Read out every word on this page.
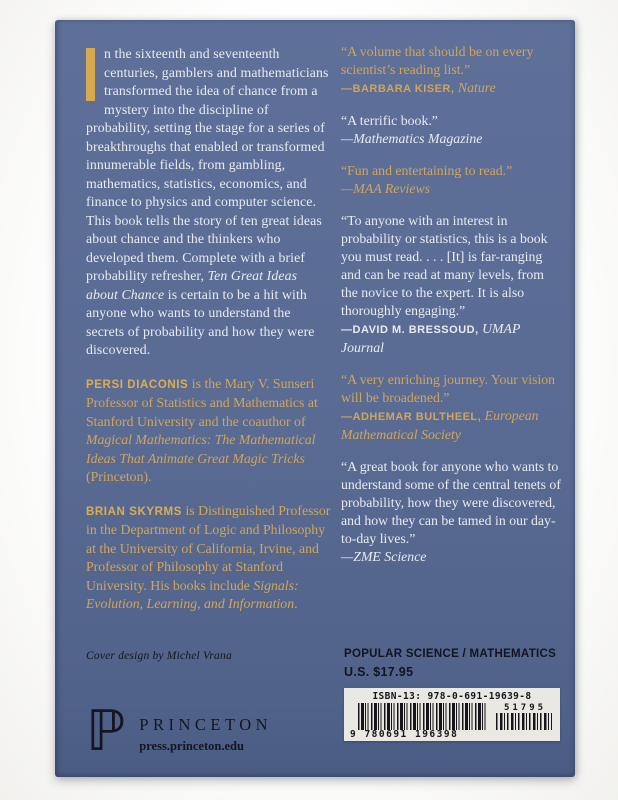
n the sixteenth and seventeenth centuries, gamblers and mathematicians transformed the idea of chance from a mystery into the discipline of probability, setting the stage for a series of breakthroughs that enabled or transformed innumerable fields, from gambling, mathematics, statistics, economics, and finance to physics and computer science. This book tells the story of ten great ideas about chance and the thinkers who developed them. Complete with a brief probability refresher, Ten Great Ideas about Chance is certain to be a hit with anyone who wants to understand the secrets of probability and how they were discovered.

PERSI DIACONIS is the Mary V. Sunseri Professor of Statistics and Mathematics at Stanford University and the coauthor of Magical Mathematics: The Mathematical Ideas That Animate Great Magic Tricks (Princeton).

BRIAN SKYRMS is Distinguished Professor in the Department of Logic and Philosophy at the University of California, Irvine, and Professor of Philosophy at Stanford University. His books include Signals: Evolution, Learning, and Information.

“A volume that should be on every scientist’s reading list.”
—BARBARA KISER, Nature
“A terrific book.”
—Mathematics Magazine
“Fun and entertaining to read.”
—MAA Reviews
“To anyone with an interest in probability or statistics, this is a book you must read. . . . [It] is far-ranging and can be read at many levels, from the novice to the expert. It is also thoroughly engaging.”
—DAVID M. BRESSOUD, UMAP Journal
“A very enriching journey. Your vision will be broadened.”
—ADHEMAR BULTHEEL, European Mathematical Society
“A great book for anyone who wants to understand some of the central tenets of probability, how they were discovered, and how they can be tamed in our day-to-day lives.”
—ZME Science
Cover design by Michel Vrana
ℙ PRINCETON
press.princeton.edu
POPULAR SCIENCE / MATHEMATICS
U.S. $17.95
ISBN-13: 978-0-691-19639-8
51795
9 780691 196398
